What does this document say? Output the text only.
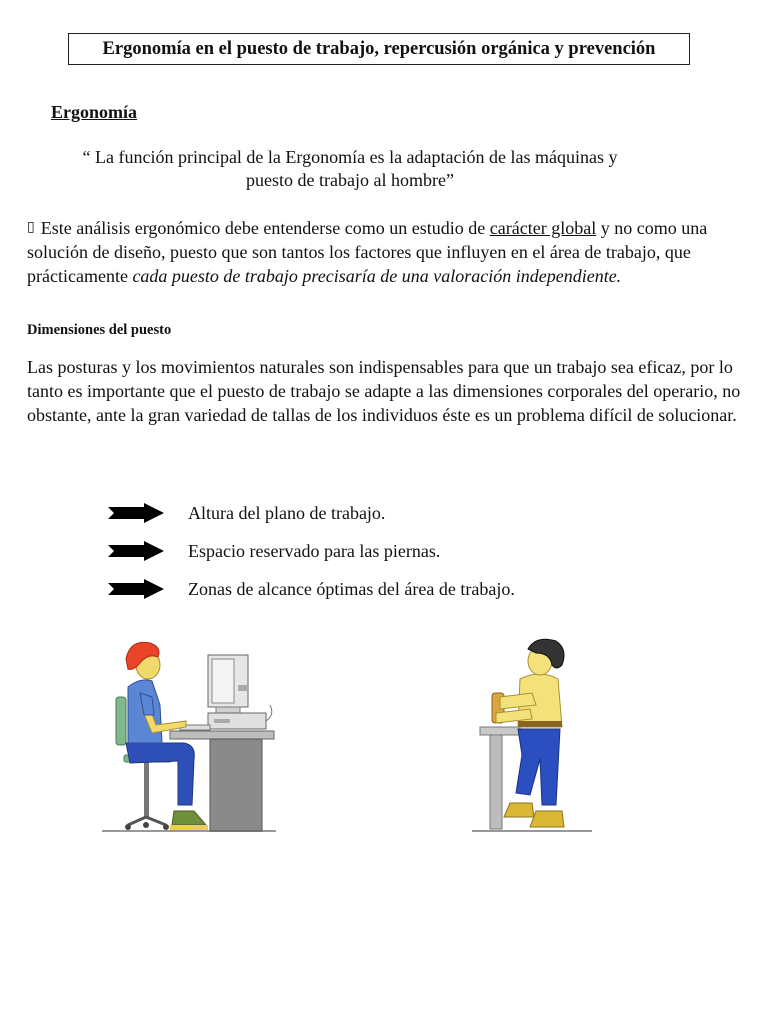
Ergonomía en el puesto de trabajo, repercusión orgánica y prevención
Ergonomía
“ La función principal de la Ergonomía es la adaptación de las máquinas y
puesto de trabajo al hombre”
▯ Este análisis ergonómico debe entenderse como un estudio de carácter global y no como una solución de diseño, puesto que son tantos los factores que influyen en el área de trabajo, que prácticamente cada puesto de trabajo precisaría de una valoración independiente.
Dimensiones del puesto
Las posturas y los movimientos naturales son indispensables para que un trabajo sea eficaz, por lo tanto es importante que el puesto de trabajo se adapte a las dimensiones corporales del operario, no obstante, ante la gran variedad de tallas de los individuos éste es un problema difícil de solucionar.
Altura del plano de trabajo.
Espacio reservado para las piernas.
Zonas de alcance óptimas del área de trabajo.
